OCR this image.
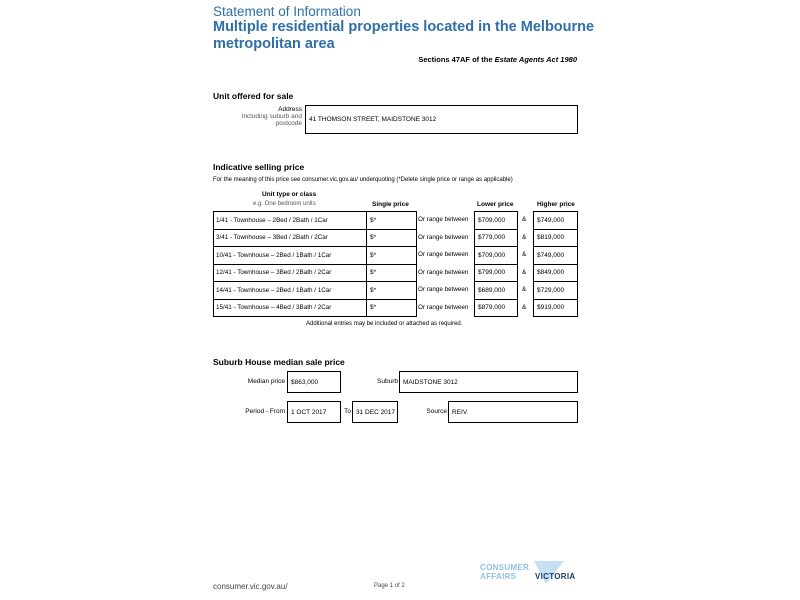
Statement of Information
Multiple residential properties located in the Melbourne metropolitan area
Sections 47AF of the Estate Agents Act 1980
Unit offered for sale
Address
Including suburb and
postcode
41 THOMSON STREET, MAIDSTONE 3012
Indicative selling price
For the meaning of this price see consumer.vic.gov.au/ underquoting (*Delete single price or range as applicable)
Unit type or class
e.g. One bedroom units	Single price	Lower price	Higher price
1/41 - Townhouse – 2Bed / 2Bath / 1Car	$*	Or range between	$709,000	&	$749,000
3/41 - Townhouse – 3Bed / 2Bath / 2Car	$*	Or range between	$779,000	&	$819,000
10/41 - Townhouse – 2Bed / 1Bath / 1Car	$*	Or range between	$709,000	&	$749,000
12/41 - Townhouse – 3Bed / 2Bath / 2Car	$*	Or range between	$799,000	&	$849,000
14/41 - Townhouse – 2Bed / 1Bath / 1Car	$*	Or range between	$689,000	&	$729,000
15/41 - Townhouse – 4Bed / 3Bath / 2Car	$*	Or range between	$879,000	&	$919,000
Additional entries may be included or attached as required.
Suburb House median sale price
Median price $863,000	Suburb MAIDSTONE 3012
Period - From 1 OCT 2017	To 31 DEC 2017	Source REIV
consumer.vic.gov.au/	Page 1 of 2
CONSUMER
AFFAIRS VICTORIA
